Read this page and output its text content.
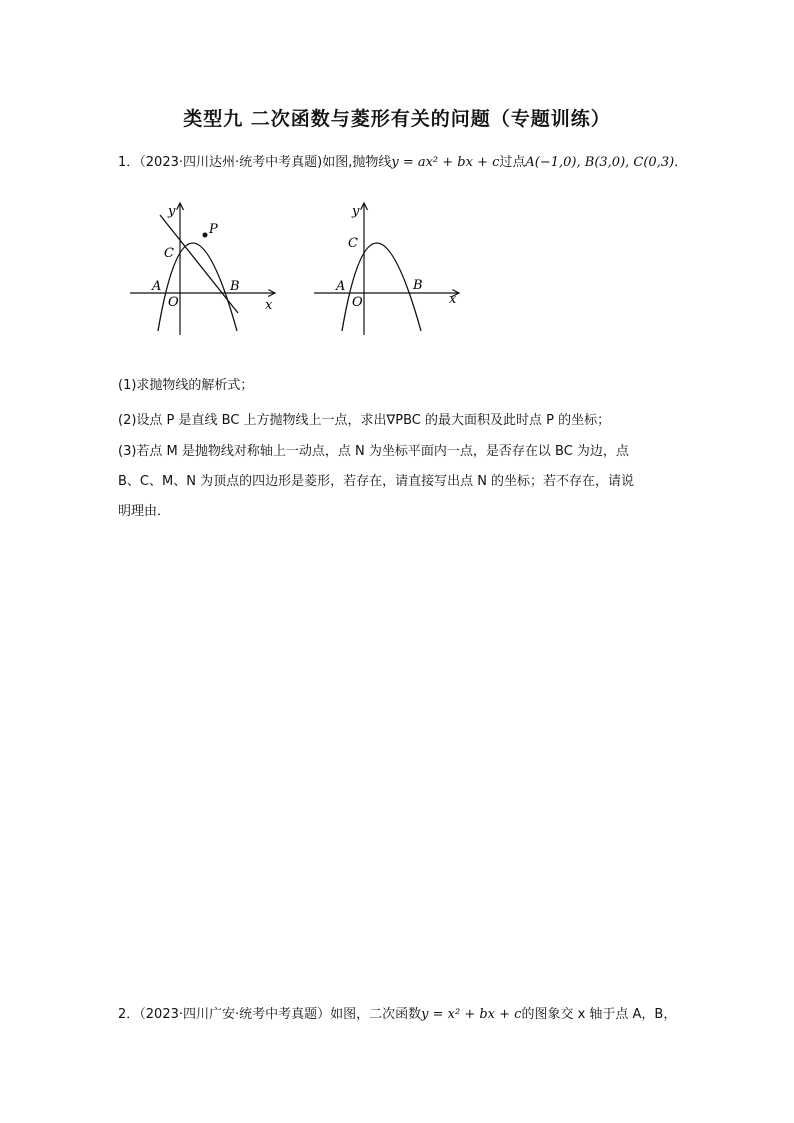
类型九 二次函数与菱形有关的问题（专题训练）
1．（2023·四川达州·统考中考真题)如图,抛物线y = ax² + bx + c过点A(−1,0), B(3,0), C(0,3)．
y
P
C
A
O
B
x
y
C
A
O
B
x
(1)求抛物线的解析式；
(2)设点 P 是直线 BC 上方抛物线上一点，求出∇PBC 的最大面积及此时点 P 的坐标；
(3)若点 M 是抛物线对称轴上一动点，点 N 为坐标平面内一点，是否存在以 BC 为边，点
B、C、M、N 为顶点的四边形是菱形，若存在，请直接写出点 N 的坐标；若不存在，请说
明理由．
2．（2023·四川广安·统考中考真题）如图，二次函数y = x² + bx + c的图象交 x 轴于点 A，B，
